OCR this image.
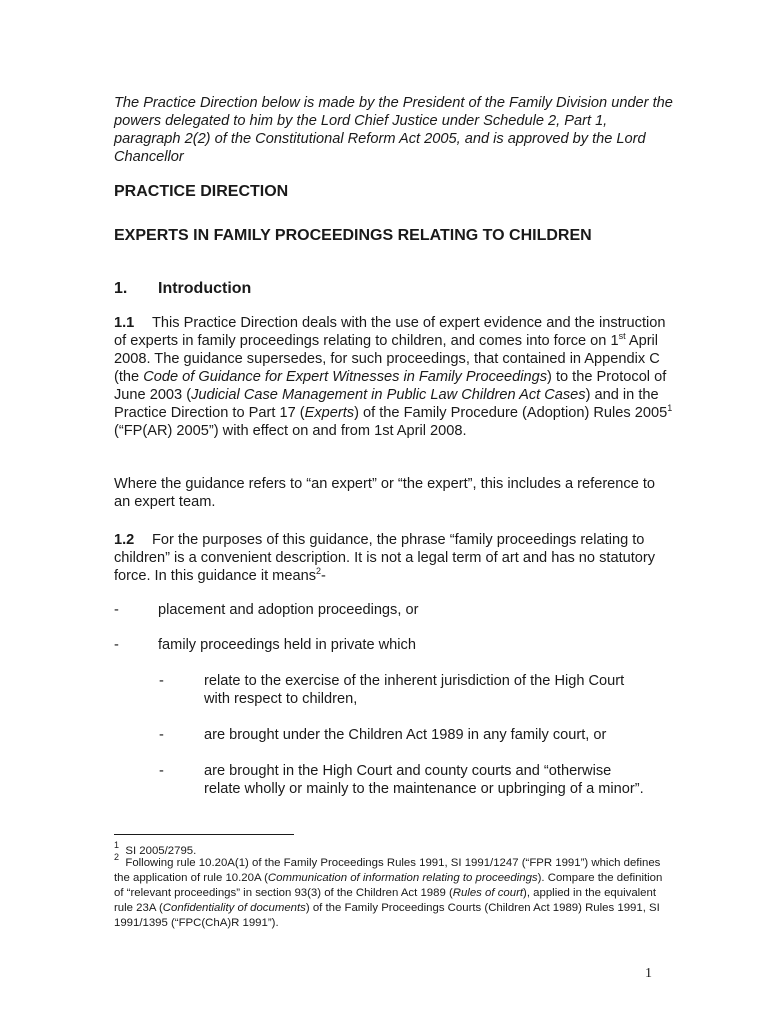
The Practice Direction below is made by the President of the Family Division under the powers delegated to him by the Lord Chief Justice under Schedule 2, Part 1, paragraph 2(2) of the Constitutional Reform Act 2005, and is approved by the Lord Chancellor

PRACTICE DIRECTION
EXPERTS IN FAMILY PROCEEDINGS RELATING TO CHILDREN
1. Introduction

1.1 This Practice Direction deals with the use of expert evidence and the instruction of experts in family proceedings relating to children, and comes into force on 1st April 2008. The guidance supersedes, for such proceedings, that contained in Appendix C (the Code of Guidance for Expert Witnesses in Family Proceedings) to the Protocol of June 2003 (Judicial Case Management in Public Law Children Act Cases) and in the Practice Direction to Part 17 (Experts) of the Family Procedure (Adoption) Rules 2005$^1$ (“FP(AR) 2005”) with effect on and from 1st April 2008.

Where the guidance refers to “an expert” or “the expert”, this includes a reference to an expert team.

1.2 For the purposes of this guidance, the phrase “family proceedings relating to children” is a convenient description. It is not a legal term of art and has no statutory force. In this guidance it means$^2$-

-	placement and adoption proceedings, or
-	family proceedings held in private which
-	relate to the exercise of the inherent jurisdiction of the High Court with respect to children,
-	are brought under the Children Act 1989 in any family court, or
-	are brought in the High Court and county courts and “otherwise relate wholly or mainly to the maintenance or upbringing of a minor”.
$^1$ SI 2005/2795.
$^2$ Following rule 10.20A(1) of the Family Proceedings Rules 1991, SI 1991/1247 (“FPR 1991”) which defines the application of rule 10.20A (Communication of information relating to proceedings). Compare the definition of “relevant proceedings” in section 93(3) of the Children Act 1989 (Rules of court), applied in the equivalent rule 23A (Confidentiality of documents) of the Family Proceedings Courts (Children Act 1989) Rules 1991, SI 1991/1395 (“FPC(ChA)R 1991”).
1
